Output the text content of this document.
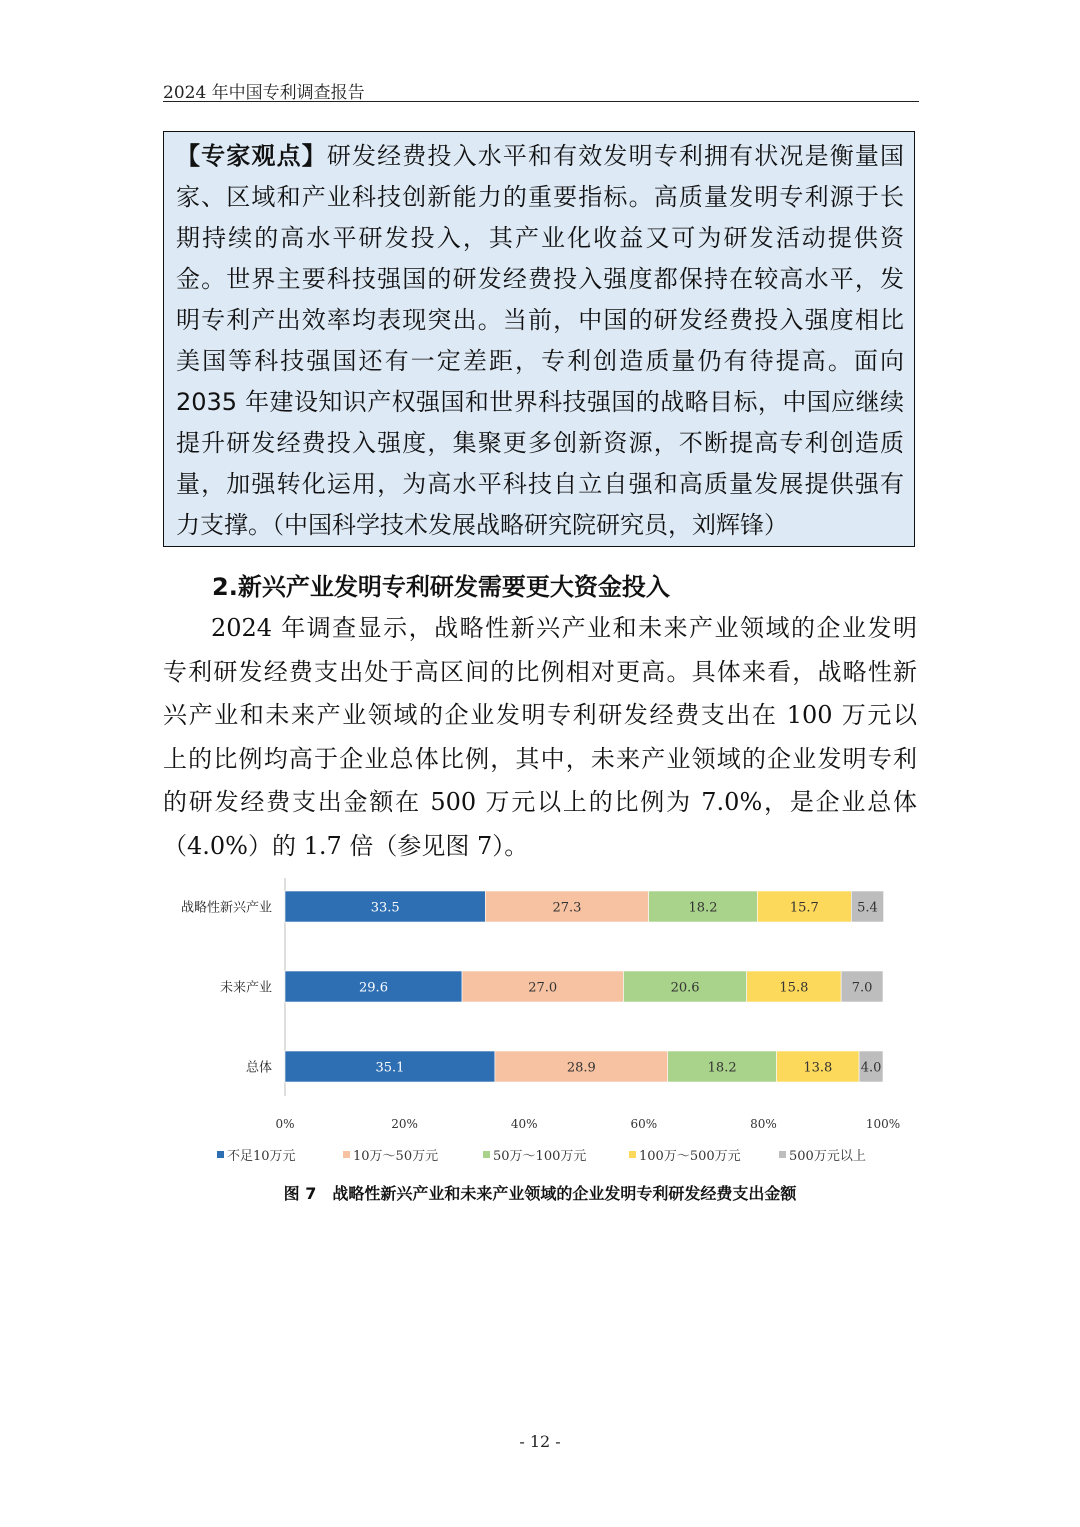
2024 年中国专利调查报告
【专家观点】研发经费投入水平和有效发明专利拥有状况是衡量国
家、区域和产业科技创新能力的重要指标。高质量发明专利源于长
期持续的高水平研发投入，其产业化收益又可为研发活动提供资
金。世界主要科技强国的研发经费投入强度都保持在较高水平，发
明专利产出效率均表现突出。当前，中国的研发经费投入强度相比
美国等科技强国还有一定差距，专利创造质量仍有待提高。面向
2035 年建设知识产权强国和世界科技强国的战略目标，中国应继续
提升研发经费投入强度，集聚更多创新资源，不断提高专利创造质
量，加强转化运用，为高水平科技自立自强和高质量发展提供强有
力支撑。（中国科学技术发展战略研究院研究员，刘辉锋）
2.新兴产业发明专利研发需要更大资金投入
2024 年调查显示，战略性新兴产业和未来产业领域的企业发明
专利研发经费支出处于高区间的比例相对更高。具体来看，战略性新
兴产业和未来产业领域的企业发明专利研发经费支出在 100 万元以
上的比例均高于企业总体比例，其中，未来产业领域的企业发明专利
的研发经费支出金额在 500 万元以上的比例为 7.0%，是企业总体
（4.0%）的 1.7 倍（参见图 7）。
战略性新兴产业	33.5	27.3	18.2	15.7	5.4
未来产业	29.6	27.0	20.6	15.8	7.0
总体	35.1	28.9	18.2	13.8 4.0
0%	20%	40%	60%	80%	100%
不足10万元	10万～50万元	50万～100万元	100万～500万元	500万元以上
图 7　战略性新兴产业和未来产业领域的企业发明专利研发经费支出金额
- 12 -
